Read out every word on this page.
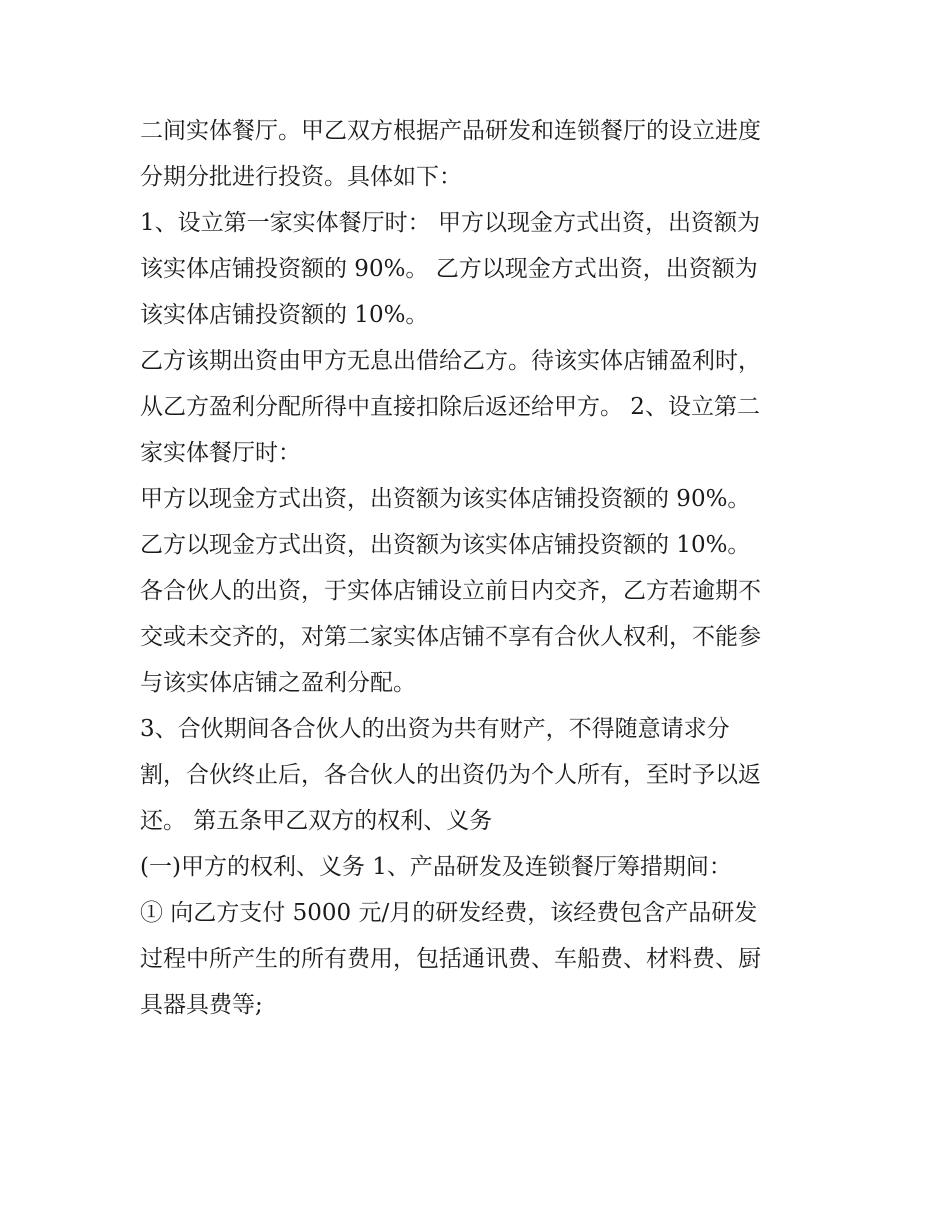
二间实体餐厅。甲乙双方根据产品研发和连锁餐厅的设立进度
分期分批进行投资。具体如下：
1、设立第一家实体餐厅时： 甲方以现金方式出资，出资额为
该实体店铺投资额的 90%。 乙方以现金方式出资，出资额为
该实体店铺投资额的 10%。
乙方该期出资由甲方无息出借给乙方。待该实体店铺盈利时，
从乙方盈利分配所得中直接扣除后返还给甲方。 2、设立第二
家实体餐厅时：
甲方以现金方式出资，出资额为该实体店铺投资额的 90%。
乙方以现金方式出资，出资额为该实体店铺投资额的 10%。
各合伙人的出资，于实体店铺设立前日内交齐，乙方若逾期不
交或未交齐的，对第二家实体店铺不享有合伙人权利，不能参
与该实体店铺之盈利分配。
3、合伙期间各合伙人的出资为共有财产，不得随意请求分
割，合伙终止后，各合伙人的出资仍为个人所有，至时予以返
还。 第五条甲乙双方的权利、义务
(一)甲方的权利、义务 1、产品研发及连锁餐厅筹措期间：
① 向乙方支付 5000 元/月的研发经费，该经费包含产品研发
过程中所产生的所有费用，包括通讯费、车船费、材料费、厨
具器具费等;
